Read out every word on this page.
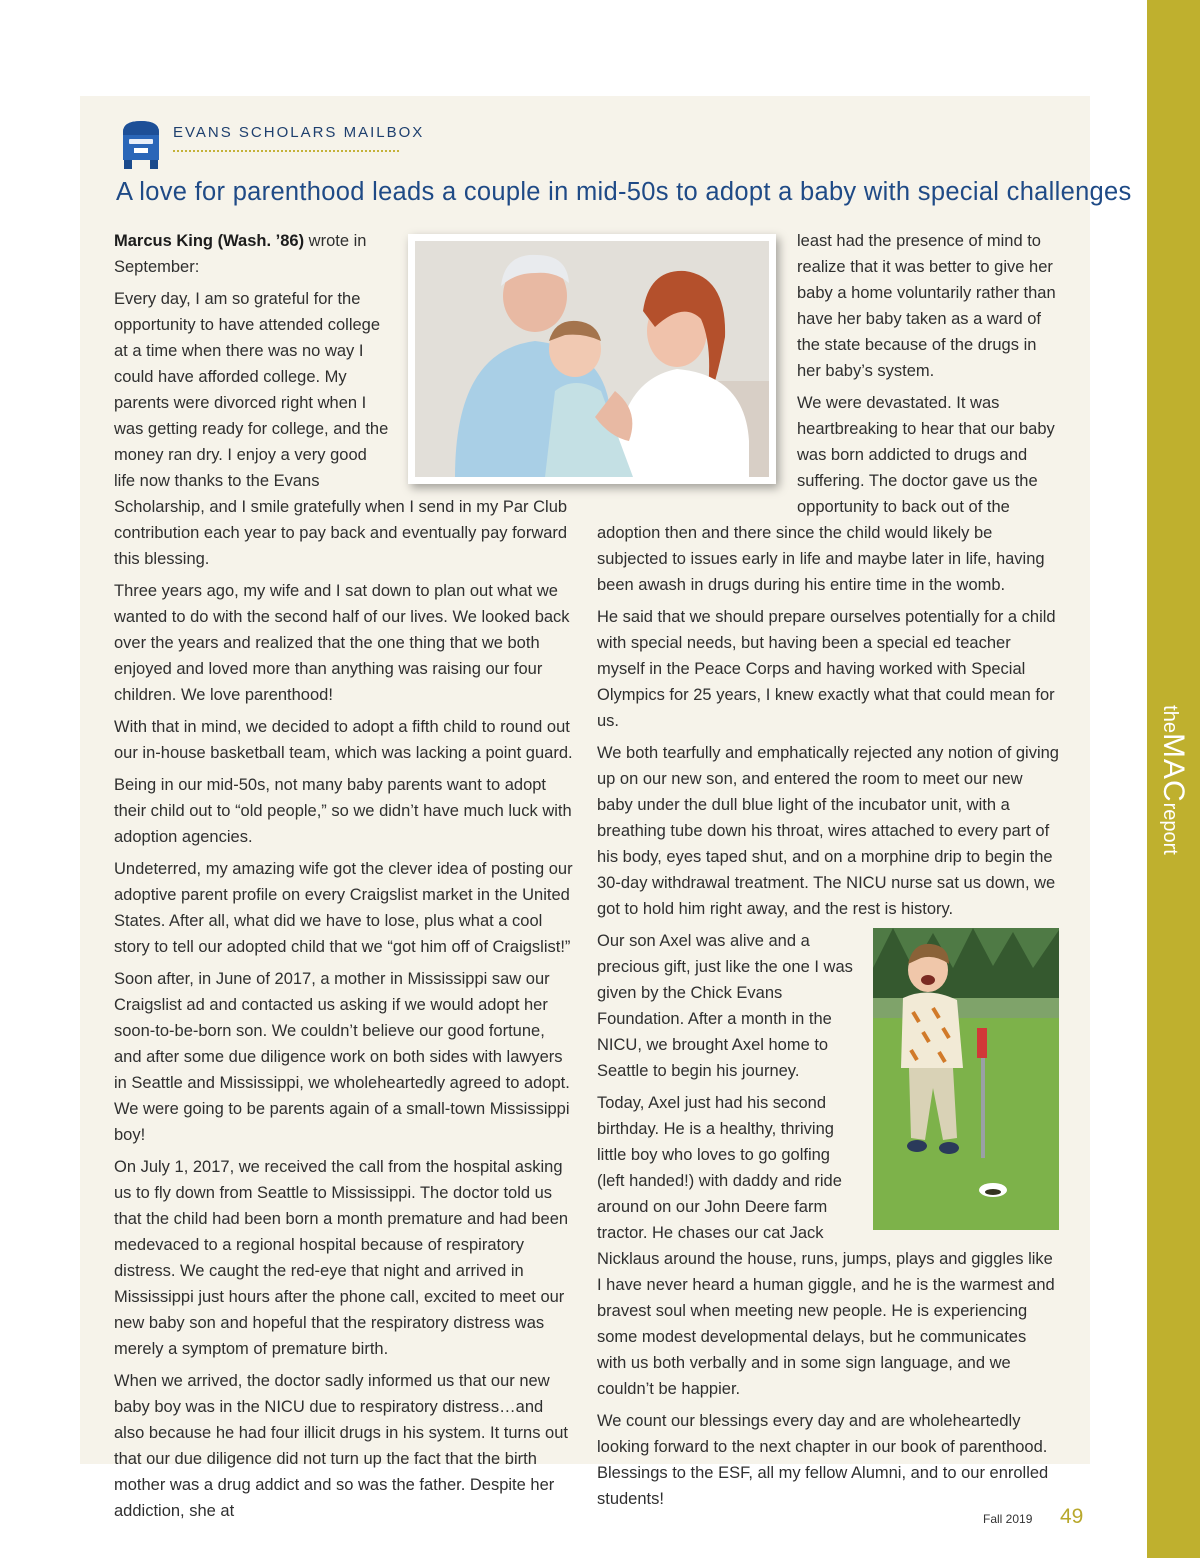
theMACreport
EVANS SCHOLARS MAILBOX
A love for parenthood leads a couple in mid-50s to adopt a baby with special challenges

Marcus King (Wash. ’86) wrote in September:

Every day, I am so grateful for the opportunity to have attended college at a time when there was no way I could have afforded college. My parents were divorced right when I was getting ready for college, and the money ran dry. I enjoy a very good life now thanks to the Evans Scholarship, and I smile gratefully when I send in my Par Club contribution each year to pay back and eventually pay forward this blessing.

Three years ago, my wife and I sat down to plan out what we wanted to do with the second half of our lives. We looked back over the years and realized that the one thing that we both enjoyed and loved more than anything was raising our four children. We love parenthood!

With that in mind, we decided to adopt a fifth child to round out our in-house basketball team, which was lacking a point guard.

Being in our mid-50s, not many baby parents want to adopt their child out to “old people,” so we didn’t have much luck with adoption agencies.

Undeterred, my amazing wife got the clever idea of posting our adoptive parent profile on every Craigslist market in the United States. After all, what did we have to lose, plus what a cool story to tell our adopted child that we “got him off of Craigslist!”

Soon after, in June of 2017, a mother in Mississippi saw our Craigslist ad and contacted us asking if we would adopt her soon-to-be-born son. We couldn’t believe our good fortune, and after some due diligence work on both sides with lawyers in Seattle and Mississippi, we wholeheartedly agreed to adopt. We were going to be parents again of a small-town Mississippi boy!

On July 1, 2017, we received the call from the hospital asking us to fly down from Seattle to Mississippi. The doctor told us that the child had been born a month premature and had been medevaced to a regional hospital because of respiratory distress. We caught the red-eye that night and arrived in Mississippi just hours after the phone call, excited to meet our new baby son and hopeful that the respiratory distress was merely a symptom of premature birth.

When we arrived, the doctor sadly informed us that our new baby boy was in the NICU due to respiratory distress…and also because he had four illicit drugs in his system. It turns out that our due diligence did not turn up the fact that the birth mother was a drug addict and so was the father. Despite her addiction, she at

least had the presence of mind to realize that it was better to give her baby a home voluntarily rather than have her baby taken as a ward of the state because of the drugs in her baby’s system.

We were devastated. It was heartbreaking to hear that our baby was born addicted to drugs and suffering. The doctor gave us the opportunity to back out of the adoption then and there since the child would likely be subjected to issues early in life and maybe later in life, having been awash in drugs during his entire time in the womb.

He said that we should prepare ourselves potentially for a child with special needs, but having been a special ed teacher myself in the Peace Corps and having worked with Special Olympics for 25 years, I knew exactly what that could mean for us.

We both tearfully and emphatically rejected any notion of giving up on our new son, and entered the room to meet our new baby under the dull blue light of the incubator unit, with a breathing tube down his throat, wires attached to every part of his body, eyes taped shut, and on a morphine drip to begin the 30-day withdrawal treatment. The NICU nurse sat us down, we got to hold him right away, and the rest is history.

Our son Axel was alive and a precious gift, just like the one I was given by the Chick Evans Foundation. After a month in the NICU, we brought Axel home to Seattle to begin his journey.

Today, Axel just had his second birthday. He is a healthy, thriving little boy who loves to go golfing (left handed!) with daddy and ride around on our John Deere farm tractor. He chases our cat Jack Nicklaus around the house, runs, jumps, plays and giggles like I have never heard a human giggle, and he is the warmest and bravest soul when meeting new people. He is experiencing some modest developmental delays, but he communicates with us both verbally and in some sign language, and we couldn’t be happier.

We count our blessings every day and are wholeheartedly looking forward to the next chapter in our book of parenthood. Blessings to the ESF, all my fellow Alumni, and to our enrolled students!

Fall 2019 49
